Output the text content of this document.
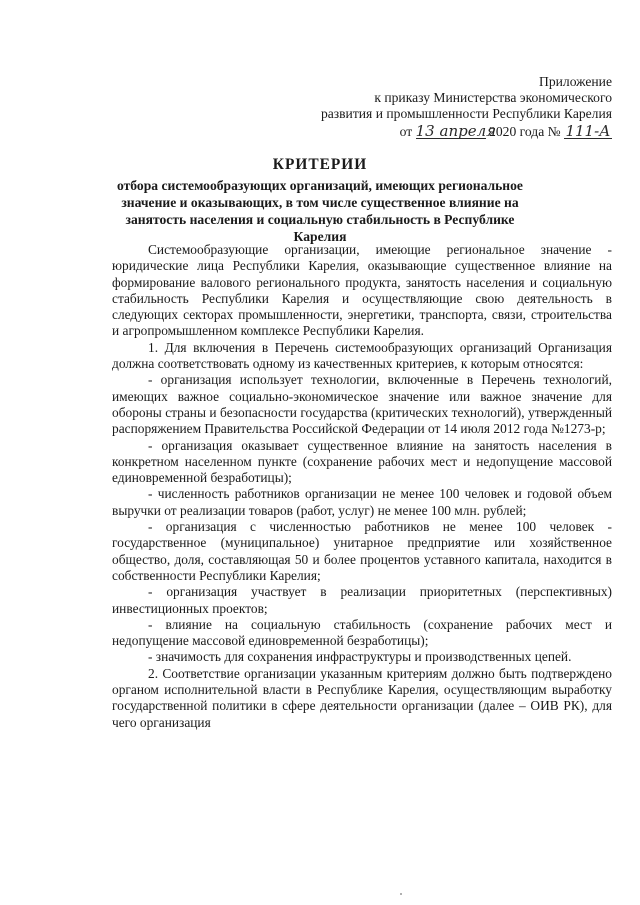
Приложение
к приказу Министерства экономического
развития и промышленности Республики Карелия
от 13 апреля 2020 года № 111-А
КРИТЕРИИ
отбора системообразующих организаций, имеющих региональное значение и оказывающих, в том числе существенное влияние на занятость населения и социальную стабильность в Республике Карелия

Системообразующие организации, имеющие региональное значение - юридические лица Республики Карелия, оказывающие существенное влияние на формирование валового регионального продукта, занятость населения и социальную стабильность Республики Карелия и осуществляющие свою деятельность в следующих секторах промышленности, энергетики, транспорта, связи, строительства и агропромышленном комплексе Республики Карелия.

1. Для включения в Перечень системообразующих организаций Организация должна соответствовать одному из качественных критериев, к которым относятся:

- организация использует технологии, включенные в Перечень технологий, имеющих важное социально-экономическое значение или важное значение для обороны страны и безопасности государства (критических технологий), утвержденный распоряжением Правительства Российской Федерации от 14 июля 2012 года №1273-р;

- организация оказывает существенное влияние на занятость населения в конкретном населенном пункте (сохранение рабочих мест и недопущение массовой единовременной безработицы);

- численность работников организации не менее 100 человек и годовой объем выручки от реализации товаров (работ, услуг) не менее 100 млн. рублей;

- организация с численностью работников не менее 100 человек - государственное (муниципальное) унитарное предприятие или хозяйственное общество, доля, составляющая 50 и более процентов уставного капитала, находится в собственности Республики Карелия;

- организация участвует в реализации приоритетных (перспективных) инвестиционных проектов;

- влияние на социальную стабильность (сохранение рабочих мест и недопущение массовой единовременной безработицы);

- значимость для сохранения инфраструктуры и производственных цепей.

2. Соответствие организации указанным критериям должно быть подтверждено органом исполнительной власти в Республике Карелия, осуществляющим выработку государственной политики в сфере деятельности организации (далее – ОИВ РК), для чего организация
